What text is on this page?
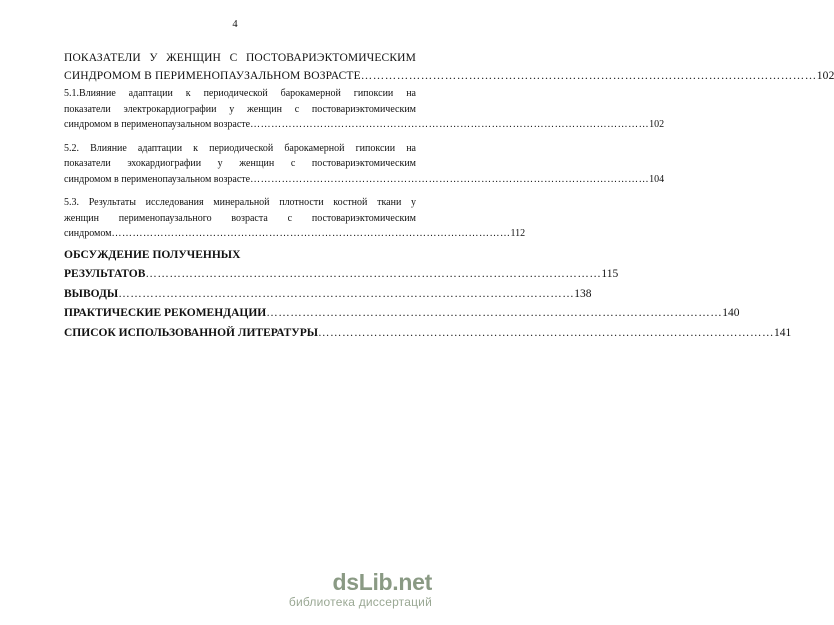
4
ПОКАЗАТЕЛИ У ЖЕНЩИН С ПОСТОВАРИЭКТОМИЧЕСКИМ
СИНДРОМОМ В ПЕРИМЕНОПАУЗАЛЬНОМ ВОЗРАСТЕ …………………………………………………………………………………………………… 102
5.1.Влияние адаптации к периодической барокамерной гипоксии на
показатели электрокардиографии у женщин с постовариэктомическим
синдромом в перименопаузальном возрасте …………………………………………………………………………………………………… 102
5.2. Влияние адаптации к периодической барокамерной гипоксии на
показатели эхокардиографии у женщин с постовариэктомическим
синдромом в перименопаузальном возрасте …………………………………………………………………………………………………… 104
5.3. Результаты исследования минеральной плотности костной ткани у
женщин перименопаузального возраста с постовариэктомическим
синдромом …………………………………………………………………………………………………… 112
ОБСУЖДЕНИЕ ПОЛУЧЕННЫХ
РЕЗУЛЬТАТОВ …………………………………………………………………………………………………… 115
ВЫВОДЫ …………………………………………………………………………………………………… 138
ПРАКТИЧЕСКИЕ РЕКОМЕНДАЦИИ …………………………………………………………………………………………………… 140
СПИСОК ИСПОЛЬЗОВАННОЙ ЛИТЕРАТУРЫ …………………………………………………………………………………………………… 141
dsLib.net
библиотека диссертаций
